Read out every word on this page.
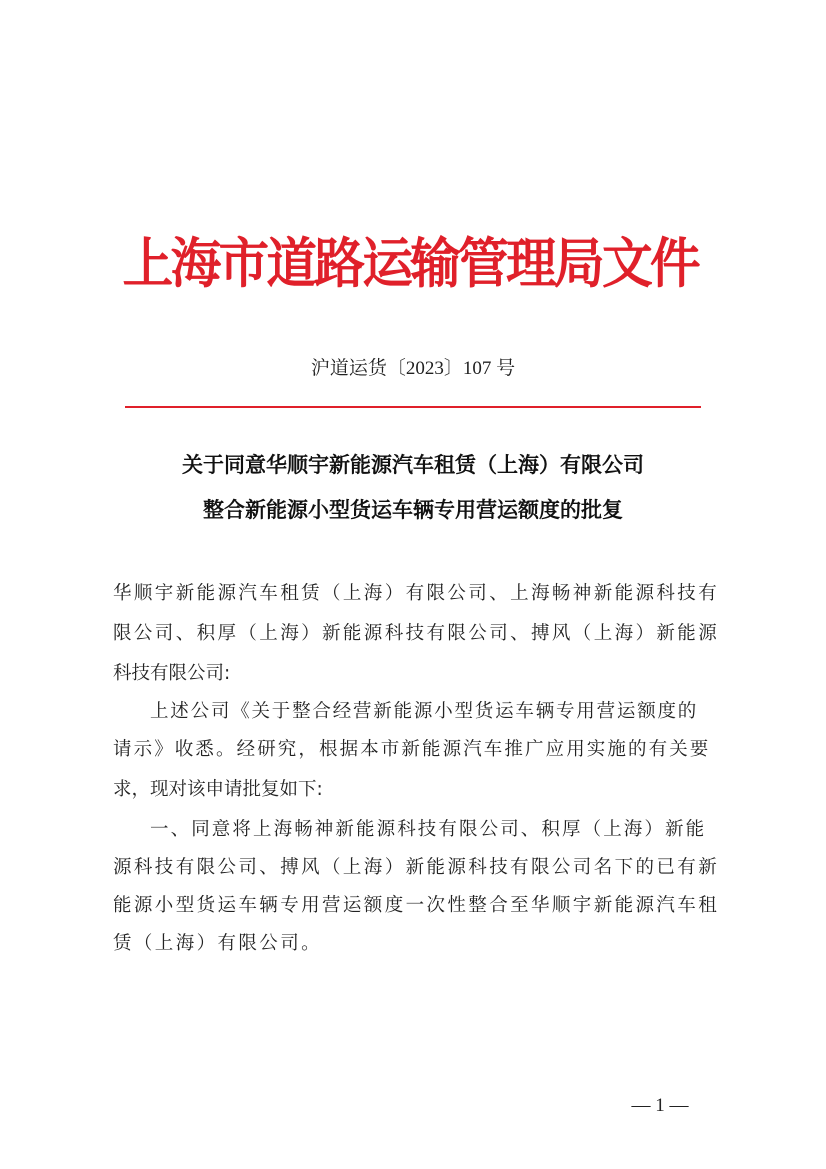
上海市道路运输管理局文件
沪道运货〔2023〕107 号
关于同意华顺宇新能源汽车租赁（上海）有限公司
整合新能源小型货运车辆专用营运额度的批复
华顺宇新能源汽车租赁（上海）有限公司、上海畅神新能源科技有
限公司、积厚（上海）新能源科技有限公司、搏风（上海）新能源
科技有限公司:
上述公司《关于整合经营新能源小型货运车辆专用营运额度的
请示》收悉。经研究，根据本市新能源汽车推广应用实施的有关要
求，现对该申请批复如下:
一、同意将上海畅神新能源科技有限公司、积厚（上海）新能
源科技有限公司、搏风（上海）新能源科技有限公司名下的已有新
能源小型货运车辆专用营运额度一次性整合至华顺宇新能源汽车租
赁（上海）有限公司。
— 1 —
